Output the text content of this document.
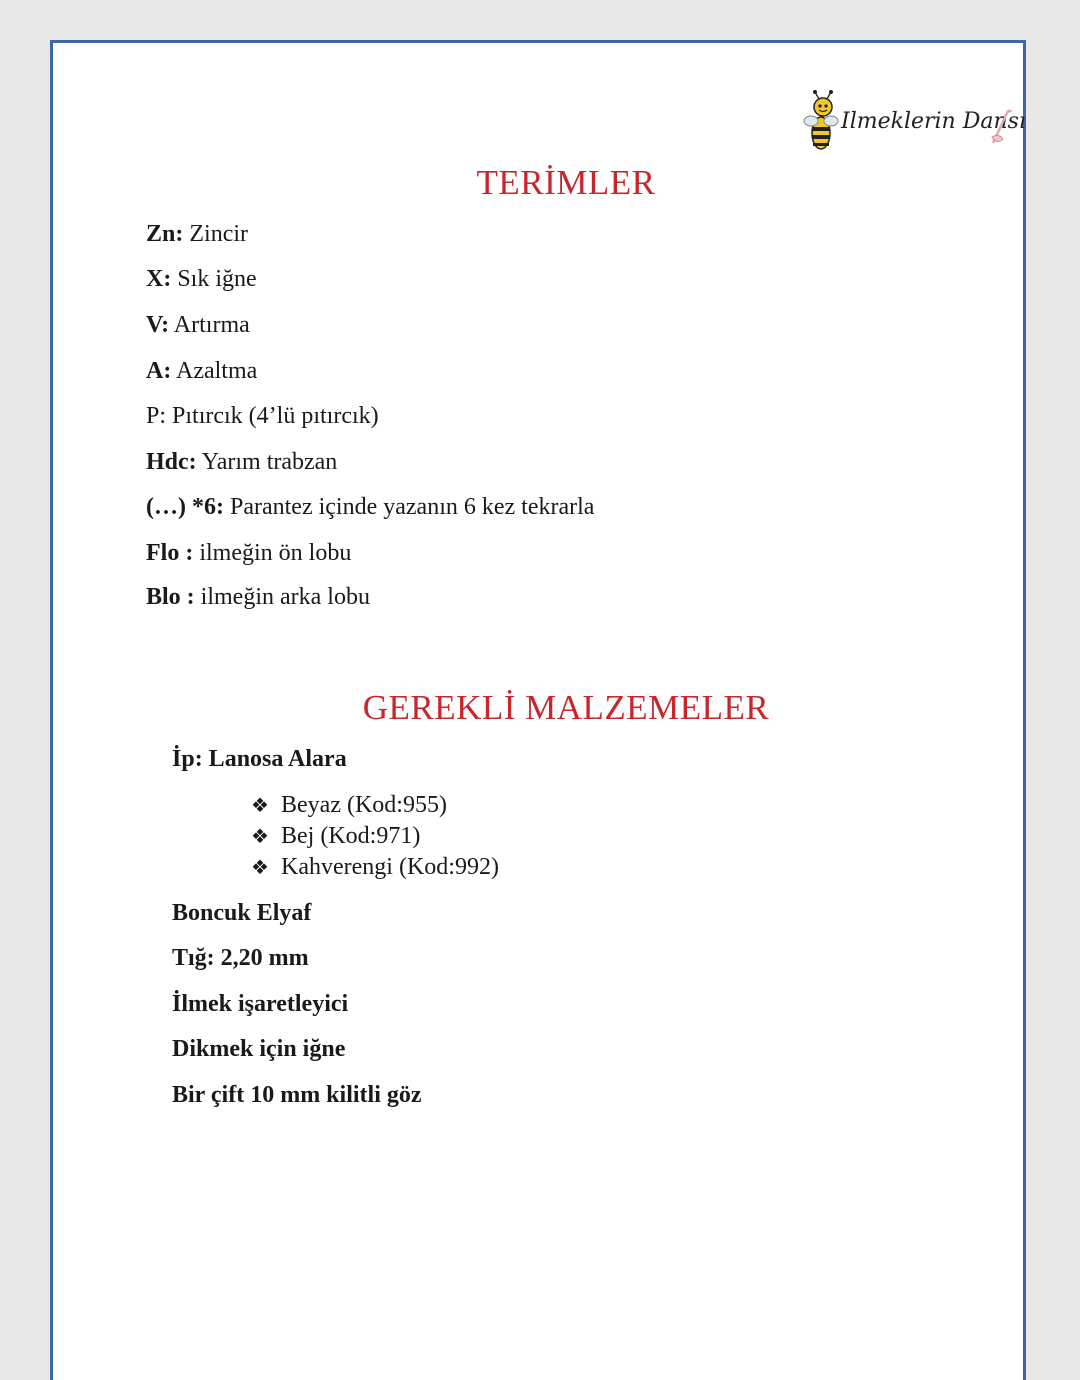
Ilmeklerin Dansı
TERİMLER
Zn: Zincir
X: Sık iğne
V: Artırma
A: Azaltma
P: Pıtırcık (4’lü pıtırcık)
Hdc: Yarım trabzan
(…) *6: Parantez içinde yazanın 6 kez tekrarla
Flo : ilmeğin ön lobu
Blo : ilmeğin arka lobu
GEREKLİ MALZEMELER
İp: Lanosa Alara
❖ Beyaz (Kod:955)
❖ Bej (Kod:971)
❖ Kahverengi (Kod:992)
Boncuk Elyaf
Tığ: 2,20 mm
İlmek işaretleyici
Dikmek için iğne
Bir çift 10 mm kilitli göz
